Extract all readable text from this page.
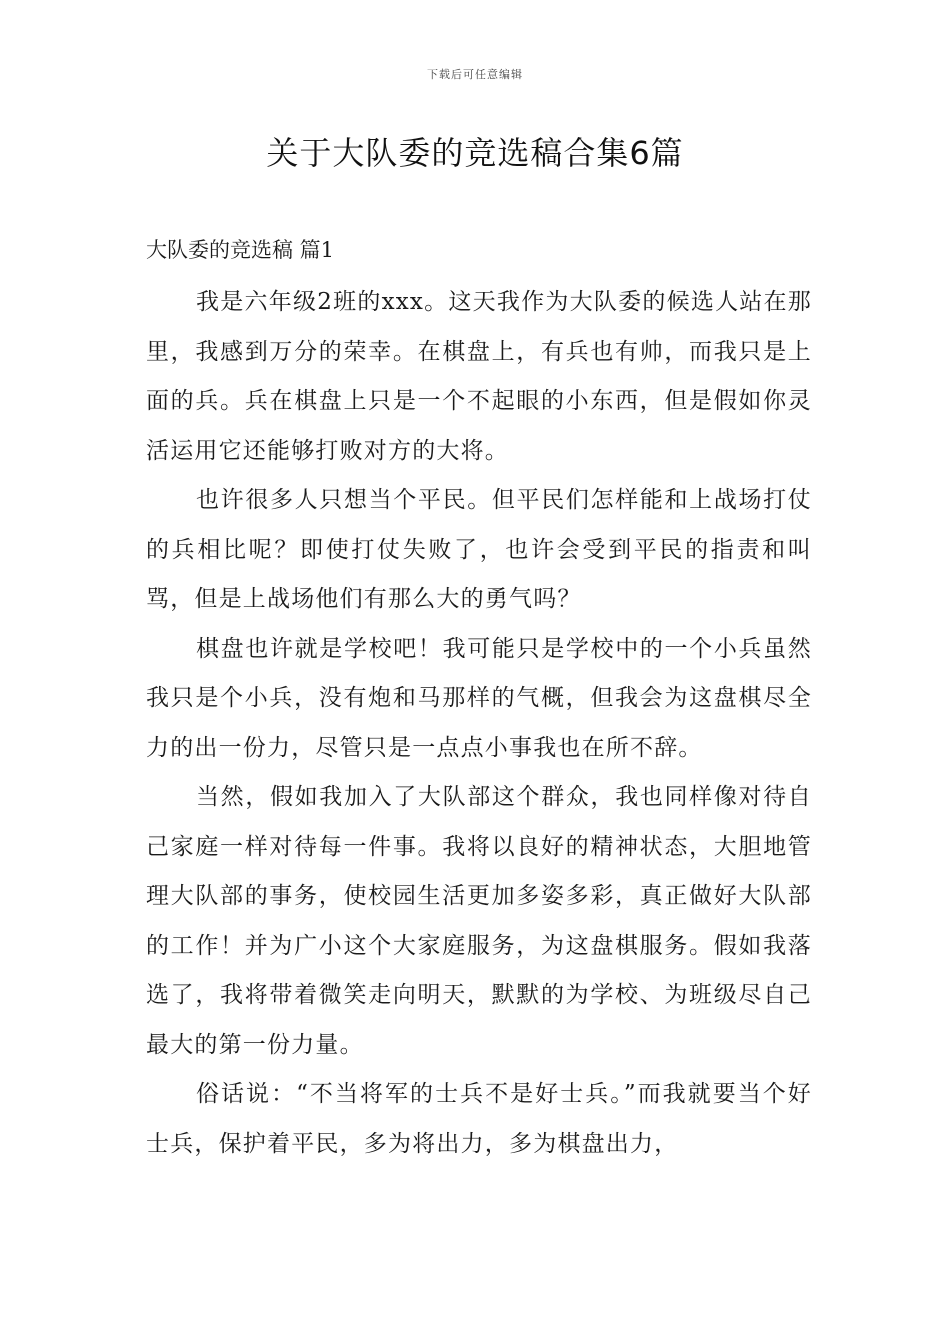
下载后可任意编辑
关于大队委的竞选稿合集6篇
大队委的竞选稿 篇1

我是六年级2班的xxx。这天我作为大队委的候选人站在那里，我感到万分的荣幸。在棋盘上，有兵也有帅，而我只是上面的兵。兵在棋盘上只是一个不起眼的小东西，但是假如你灵活运用它还能够打败对方的大将。

也许很多人只想当个平民。但平民们怎样能和上战场打仗的兵相比呢？即使打仗失败了，也许会受到平民的指责和叫骂，但是上战场他们有那么大的勇气吗？

棋盘也许就是学校吧！我可能只是学校中的一个小兵虽然我只是个小兵，没有炮和马那样的气概，但我会为这盘棋尽全力的出一份力，尽管只是一点点小事我也在所不辞。

当然，假如我加入了大队部这个群众，我也同样像对待自己家庭一样对待每一件事。我将以良好的精神状态，大胆地管理大队部的事务，使校园生活更加多姿多彩，真正做好大队部的工作！并为广小这个大家庭服务，为这盘棋服务。假如我落选了，我将带着微笑走向明天，默默的为学校、为班级尽自己最大的第一份力量。

俗话说：“不当将军的士兵不是好士兵。”而我就要当个好士兵，保护着平民，多为将出力，多为棋盘出力，
